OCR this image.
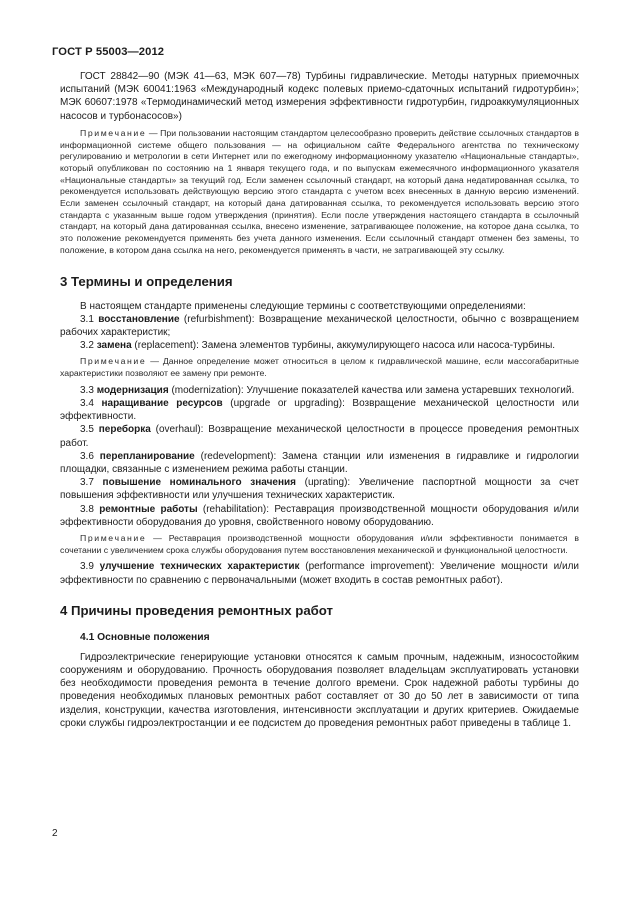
ГОСТ Р 55003—2012

ГОСТ 28842—90 (МЭК 41—63, МЭК 607—78) Турбины гидравлические. Методы натурных приемочных испытаний (МЭК 60041:1963 «Международный кодекс полевых приемо-сдаточных испытаний гидротурбин»; МЭК 60607:1978 «Термодинамический метод измерения эффективности гидротурбин, гидроаккумуляционных насосов и турбонасосов»)

Примечание — При пользовании настоящим стандартом целесообразно проверить действие ссылочных стандартов в информационной системе общего пользования — на официальном сайте Федерального агентства по техническому регулированию и метрологии в сети Интернет или по ежегодному информационному указателю «Национальные стандарты», который опубликован по состоянию на 1 января текущего года, и по выпускам ежемесячного информационного указателя «Национальные стандарты» за текущий год. Если заменен ссылочный стандарт, на который дана недатированная ссылка, то рекомендуется использовать действующую версию этого стандарта с учетом всех внесенных в данную версию изменений. Если заменен ссылочный стандарт, на который дана датированная ссылка, то рекомендуется использовать версию этого стандарта с указанным выше годом утверждения (принятия). Если после утверждения настоящего стандарта в ссылочный стандарт, на который дана датированная ссылка, внесено изменение, затрагивающее положение, на которое дана ссылка, то это положение рекомендуется применять без учета данного изменения. Если ссылочный стандарт отменен без замены, то положение, в котором дана ссылка на него, рекомендуется применять в части, не затрагивающей эту ссылку.

3 Термины и определения

В настоящем стандарте применены следующие термины с соответствующими определениями:

3.1 восстановление (refurbishment): Возвращение механической целостности, обычно с возвращением рабочих характеристик;

3.2 замена (replacement): Замена элементов турбины, аккумулирующего насоса или насоса-турбины.

Примечание — Данное определение может относиться в целом к гидравлической машине, если массогабаритные характеристики позволяют ее замену при ремонте.

3.3 модернизация (modernization): Улучшение показателей качества или замена устаревших технологий.

3.4 наращивание ресурсов (upgrade or upgrading): Возвращение механической целостности или эффективности.

3.5 переборка (overhaul): Возвращение механической целостности в процессе проведения ремонтных работ.

3.6 перепланирование (redevelopment): Замена станции или изменения в гидравлике и гидрологии площадки, связанные с изменением режима работы станции.

3.7 повышение номинального значения (uprating): Увеличение паспортной мощности за счет повышения эффективности или улучшения технических характеристик.

3.8 ремонтные работы (rehabilitation): Реставрация производственной мощности оборудования и/или эффективности оборудования до уровня, свойственного новому оборудованию.

Примечание — Реставрация производственной мощности оборудования и/или эффективности понимается в сочетании с увеличением срока службы оборудования путем восстановления механической и функциональной целостности.

3.9 улучшение технических характеристик (performance improvement): Увеличение мощности и/или эффективности по сравнению с первоначальными (может входить в состав ремонтных работ).

4 Причины проведения ремонтных работ
4.1 Основные положения

Гидроэлектрические генерирующие установки относятся к самым прочным, надежным, износостойким сооружениям и оборудованию. Прочность оборудования позволяет владельцам эксплуатировать установки без необходимости проведения ремонта в течение долгого времени. Срок надежной работы турбины до проведения необходимых плановых ремонтных работ составляет от 30 до 50 лет в зависимости от типа изделия, конструкции, качества изготовления, интенсивности эксплуатации и других критериев. Ожидаемые сроки службы гидроэлектростанции и ее подсистем до проведения ремонтных работ приведены в таблице 1.

2
